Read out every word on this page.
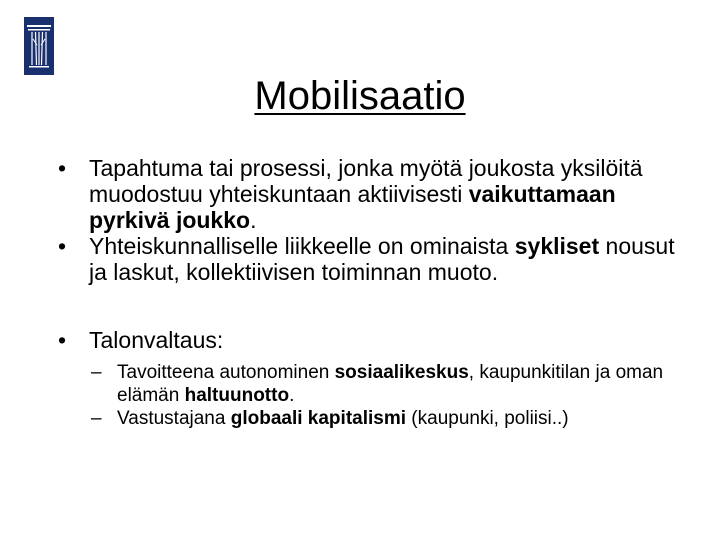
Mobilisaatio
• Tapahtuma tai prosessi, jonka myötä joukosta yksilöitä muodostuu yhteiskuntaan aktiivisesti vaikuttamaan pyrkivä joukko.
• Yhteiskunnalliselle liikkeelle on ominaista sykliset nousut ja laskut, kollektiivisen toiminnan muoto.
• Talonvaltaus:
– Tavoitteena autonominen sosiaalikeskus, kaupunkitilan ja oman elämän haltuunotto.
– Vastustajana globaali kapitalismi (kaupunki, poliisi..)
